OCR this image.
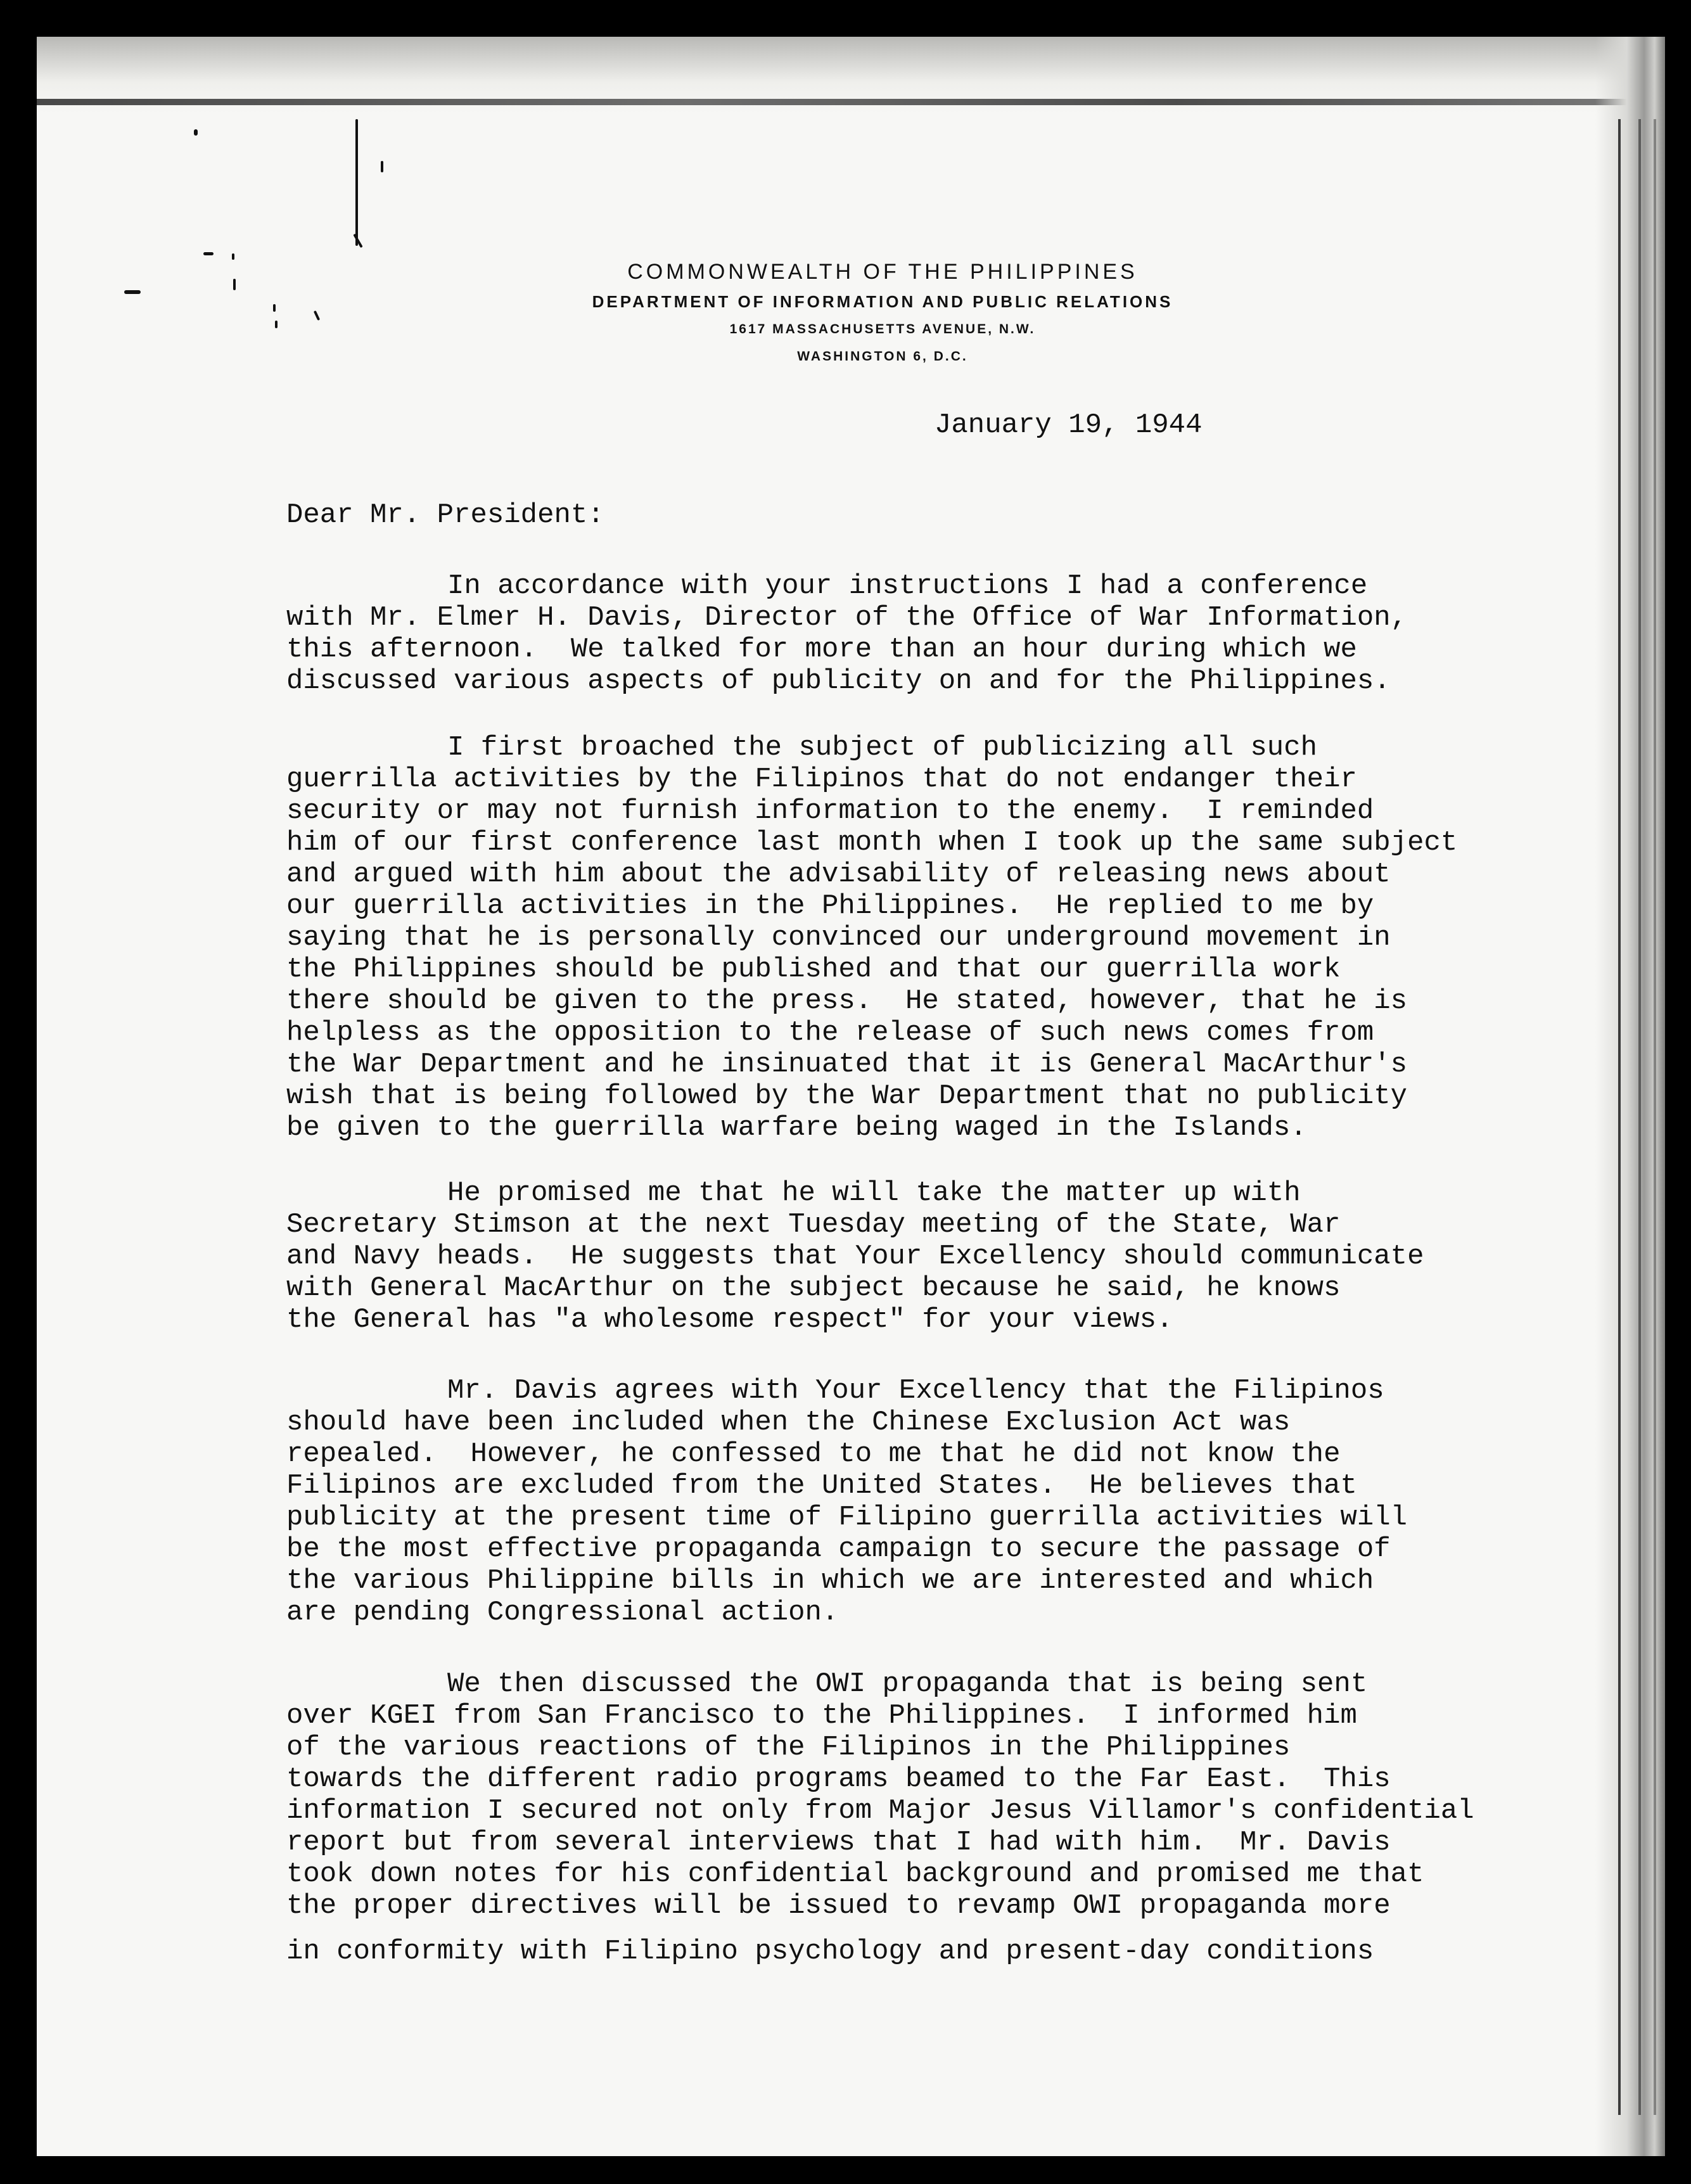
COMMONWEALTH OF THE PHILIPPINES

DEPARTMENT OF INFORMATION AND PUBLIC RELATIONS

1617 MASSACHUSETTS AVENUE, N.W.

WASHINGTON 6, D.C.

January 19, 1944

Dear Mr. President:

In accordance with your instructions I had a conference

with Mr. Elmer H. Davis, Director of the Office of War Information,

this afternoon.  We talked for more than an hour during which we

discussed various aspects of publicity on and for the Philippines.

I first broached the subject of publicizing all such

guerrilla activities by the Filipinos that do not endanger their

security or may not furnish information to the enemy.  I reminded

him of our first conference last month when I took up the same subject

and argued with him about the advisability of releasing news about

our guerrilla activities in the Philippines.  He replied to me by

saying that he is personally convinced our underground movement in

the Philippines should be published and that our guerrilla work

there should be given to the press.  He stated, however, that he is

helpless as the opposition to the release of such news comes from

the War Department and he insinuated that it is General MacArthur's

wish that is being followed by the War Department that no publicity

be given to the guerrilla warfare being waged in the Islands.

He promised me that he will take the matter up with

Secretary Stimson at the next Tuesday meeting of the State, War

and Navy heads.  He suggests that Your Excellency should communicate

with General MacArthur on the subject because he said, he knows

the General has "a wholesome respect" for your views.

Mr. Davis agrees with Your Excellency that the Filipinos

should have been included when the Chinese Exclusion Act was

repealed.  However, he confessed to me that he did not know the

Filipinos are excluded from the United States.  He believes that

publicity at the present time of Filipino guerrilla activities will

be the most effective propaganda campaign to secure the passage of

the various Philippine bills in which we are interested and which

are pending Congressional action.

We then discussed the OWI propaganda that is being sent

over KGEI from San Francisco to the Philippines.  I informed him

of the various reactions of the Filipinos in the Philippines

towards the different radio programs beamed to the Far East.  This

information I secured not only from Major Jesus Villamor's confidential

report but from several interviews that I had with him.  Mr. Davis

took down notes for his confidential background and promised me that

the proper directives will be issued to revamp OWI propaganda more

in conformity with Filipino psychology and present-day conditions
